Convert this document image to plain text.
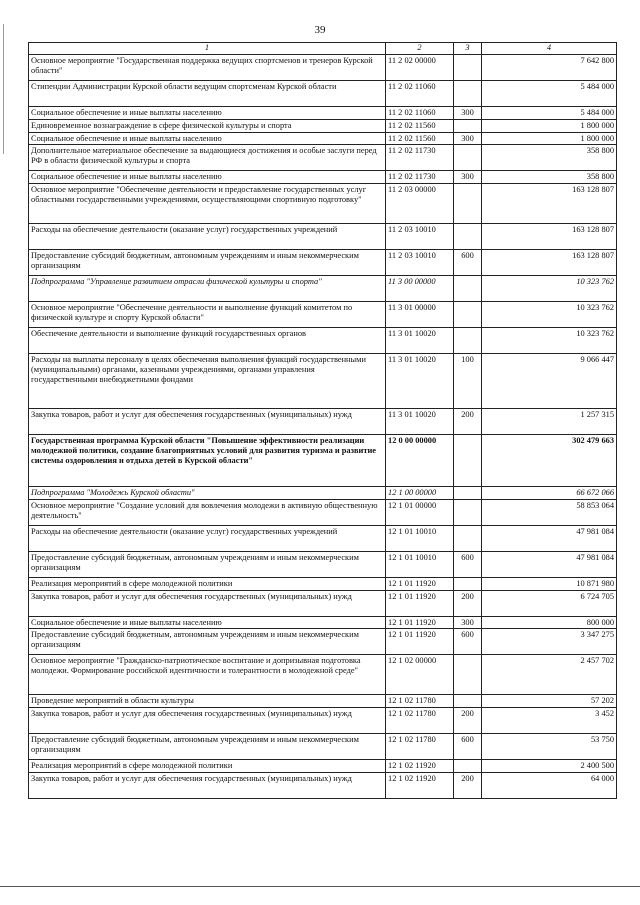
39
1	2	3	4
Основное мероприятие "Государственная поддержка ведущих спортсменов и тренеров Курской области"	11 2 02 00000		7 642 800
Стипендии Администрации Курской области ведущим спортсменам Курской области	11 2 02 11060		5 484 000
Социальное обеспечение и иные выплаты населению	11 2 02 11060	300	5 484 000
Единовременное вознаграждение в сфере физической культуры и спорта	11 2 02 11560		1 800 000
Социальное обеспечение и иные выплаты населению	11 2 02 11560	300	1 800 000
Дополнительное материальное обеспечение за выдающиеся достижения и особые заслуги перед РФ в области физической культуры и спорта	11 2 02 11730		358 800
Социальное обеспечение и иные выплаты населению	11 2 02 11730	300	358 800
Основное мероприятие "Обеспечение деятельности и предоставление государственных услуг областными государственными учреждениями, осуществляющими спортивную подготовку"	11 2 03 00000		163 128 807
Расходы на обеспечение деятельности (оказание услуг) государственных учреждений	11 2 03 10010		163 128 807
Предоставление субсидий бюджетным, автономным учреждениям и иным некоммерческим организациям	11 2 03 10010	600	163 128 807
Подпрограмма "Управление развитием отрасли физической культуры и спорта"	11 3 00 00000		10 323 762
Основное мероприятие "Обеспечение деятельности и выполнение функций комитетом по физической культуре и спорту Курской области"	11 3 01 00000		10 323 762
Обеспечение деятельности и выполнение функций государственных органов	11 3 01 10020		10 323 762
Расходы на выплаты персоналу в целях обеспечения выполнения функций государственными (муниципальными) органами, казенными учреждениями, органами управления государственными внебюджетными фондами	11 3 01 10020	100	9 066 447
Закупка товаров, работ и услуг для обеспечения государственных (муниципальных) нужд	11 3 01 10020	200	1 257 315
Государственная программа Курской области "Повышение эффективности реализации молодежной политики, создание благоприятных условий для развития туризма и развитие системы оздоровления и отдыха детей в Курской области"	12 0 00 00000		302 479 663
Подпрограмма "Молодежь Курской области"	12 1 00 00000		66 672 066
Основное мероприятие "Создание условий для вовлечения молодежи в активную общественную деятельность"	12 1 01 00000		58 853 064
Расходы на обеспечение деятельности (оказание услуг) государственных учреждений	12 1 01 10010		47 981 084
Предоставление субсидий бюджетным, автономным учреждениям и иным некоммерческим организациям	12 1 01 10010	600	47 981 084
Реализация мероприятий в сфере молодежной политики	12 1 01 11920		10 871 980
Закупка товаров, работ и услуг для обеспечения государственных (муниципальных) нужд	12 1 01 11920	200	6 724 705
Социальное обеспечение и иные выплаты населению	12 1 01 11920	300	800 000
Предоставление субсидий бюджетным, автономным учреждениям и иным некоммерческим организациям	12 1 01 11920	600	3 347 275
Основное мероприятие "Гражданско-патриотическое воспитание и допризывная подготовка молодежи. Формирование российской идентичности и толерантности в молодежной среде"	12 1 02 00000		2 457 702
Проведение мероприятий в области культуры	12 1 02 11780		57 202
Закупка товаров, работ и услуг для обеспечения государственных (муниципальных) нужд	12 1 02 11780	200	3 452
Предоставление субсидий бюджетным, автономным учреждениям и иным некоммерческим организациям	12 1 02 11780	600	53 750
Реализация мероприятий в сфере молодежной политики	12 1 02 11920		2 400 500
Закупка товаров, работ и услуг для обеспечения государственных (муниципальных) нужд	12 1 02 11920	200	64 000
